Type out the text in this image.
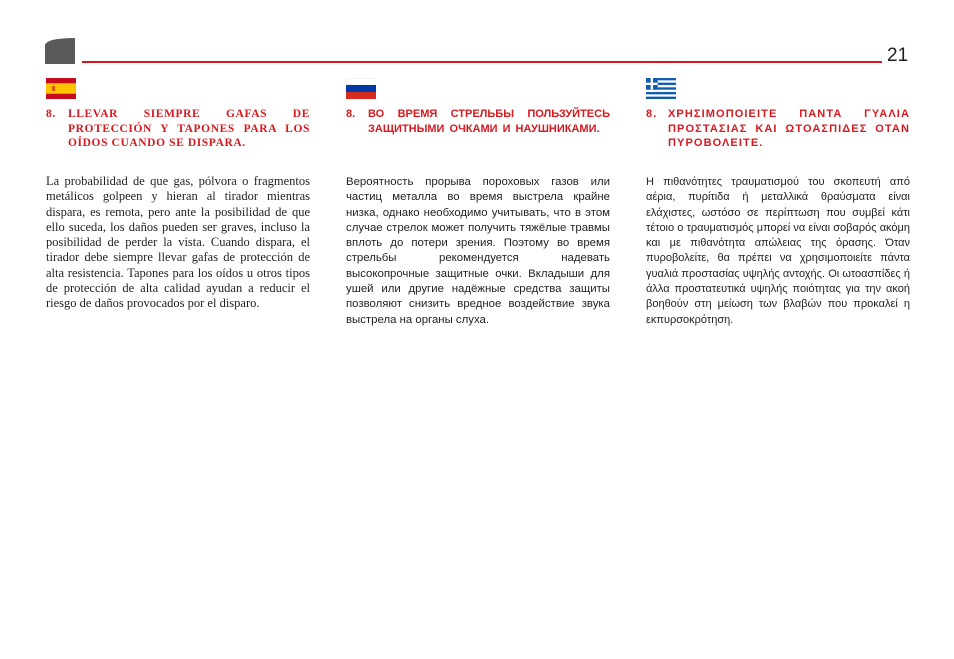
21
8.	LLEVAR SIEMPRE GAFAS DE PROTECCIÓN Y TAPONES PARA LOS OÍDOS CUANDO SE DISPARA.
La probabilidad de que gas, pólvora o fragmentos metálicos golpeen y hieran al tirador mientras dispara, es remota, pero ante la posibilidad de que ello suceda, los daños pueden ser graves, incluso la posibilidad de perder la vista. Cuando dispara, el tirador debe siempre llevar gafas de protección de alta resistencia. Tapones para los oídos u otros tipos de protección de alta calidad ayudan a reducir el riesgo de daños provocados por el disparo.
8.	ВО ВРЕМЯ СТРЕЛЬБЫ ПОЛЬЗУЙТЕСЬ ЗАЩИТНЫМИ ОЧКАМИ И НАУШНИКАМИ.
Вероятность прорыва пороховых газов или частиц металла во время выстрела крайне низка, однако необходимо учитывать, что в этом случае стрелок может получить тяжёлые травмы вплоть до потери зрения. Поэтому во время стрельбы рекомендуется надевать высокопрочные защитные очки. Вкладыши для ушей или другие надёжные средства защиты позволяют снизить вредное воздействие звука выстрела на органы слуха.
8. ΧΡΗΣΙΜΟΠΟΙΕΙΤΕ ΠΑΝΤΑ ΓΥΑΛΙΑ ΠΡΟΣΤΑΣΙΑΣ ΚΑΙ ΩΤΟΑΣΠΙΔΕΣ ΟΤΑΝ ΠΥΡΟΒΟΛΕΙΤΕ.
Η πιθανότητες τραυματισμού του σκοπευτή από αέρια, πυρίτιδα ή μεταλλικά θραύσματα είναι ελάχιστες, ωστόσο σε περίπτωση που συμβεί κάτι τέτοιο ο τραυματισμός μπορεί να είναι σοβαρός ακόμη και με πιθανότητα απώλειας της όρασης. Όταν πυροβολείτε, θα πρέπει να χρησιμοποιείτε πάντα γυαλιά προστασίας υψηλής αντοχής. Οι ωτοασπίδες ή άλλα προστατευτικά υψηλής ποιότητας για την ακοή βοηθούν στη μείωση των βλαβών που προκαλεί η εκπυρσοκρότηση.
